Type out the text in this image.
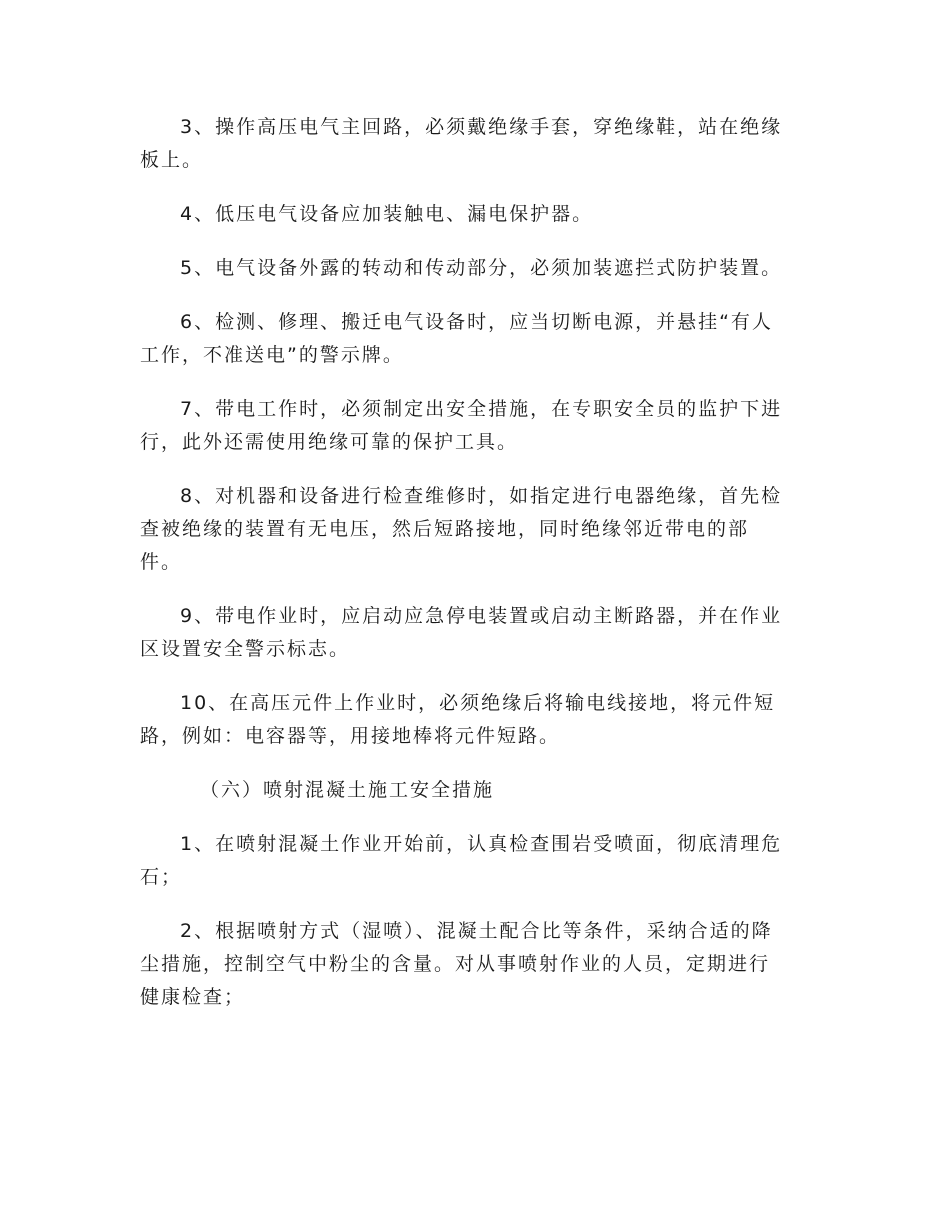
3、操作高压电气主回路，必须戴绝缘手套，穿绝缘鞋，站在绝缘
板上。

4、低压电气设备应加装触电、漏电保护器。

5、电气设备外露的转动和传动部分，必须加装遮拦式防护装置。

6、检测、修理、搬迁电气设备时，应当切断电源，并悬挂“有人
工作，不准送电”的警示牌。

7、带电工作时，必须制定出安全措施，在专职安全员的监护下进
行，此外还需使用绝缘可靠的保护工具。

8、对机器和设备进行检查维修时，如指定进行电器绝缘，首先检
查被绝缘的装置有无电压，然后短路接地，同时绝缘邻近带电的部
件。

9、带电作业时，应启动应急停电装置或启动主断路器，并在作业
区设置安全警示标志。

10、在高压元件上作业时，必须绝缘后将输电线接地，将元件短
路，例如：电容器等，用接地棒将元件短路。

（六）喷射混凝土施工安全措施

1、在喷射混凝土作业开始前，认真检查围岩受喷面，彻底清理危
石；

2、根据喷射方式（湿喷）、混凝土配合比等条件，采纳合适的降
尘措施，控制空气中粉尘的含量。对从事喷射作业的人员，定期进行
健康检查；
